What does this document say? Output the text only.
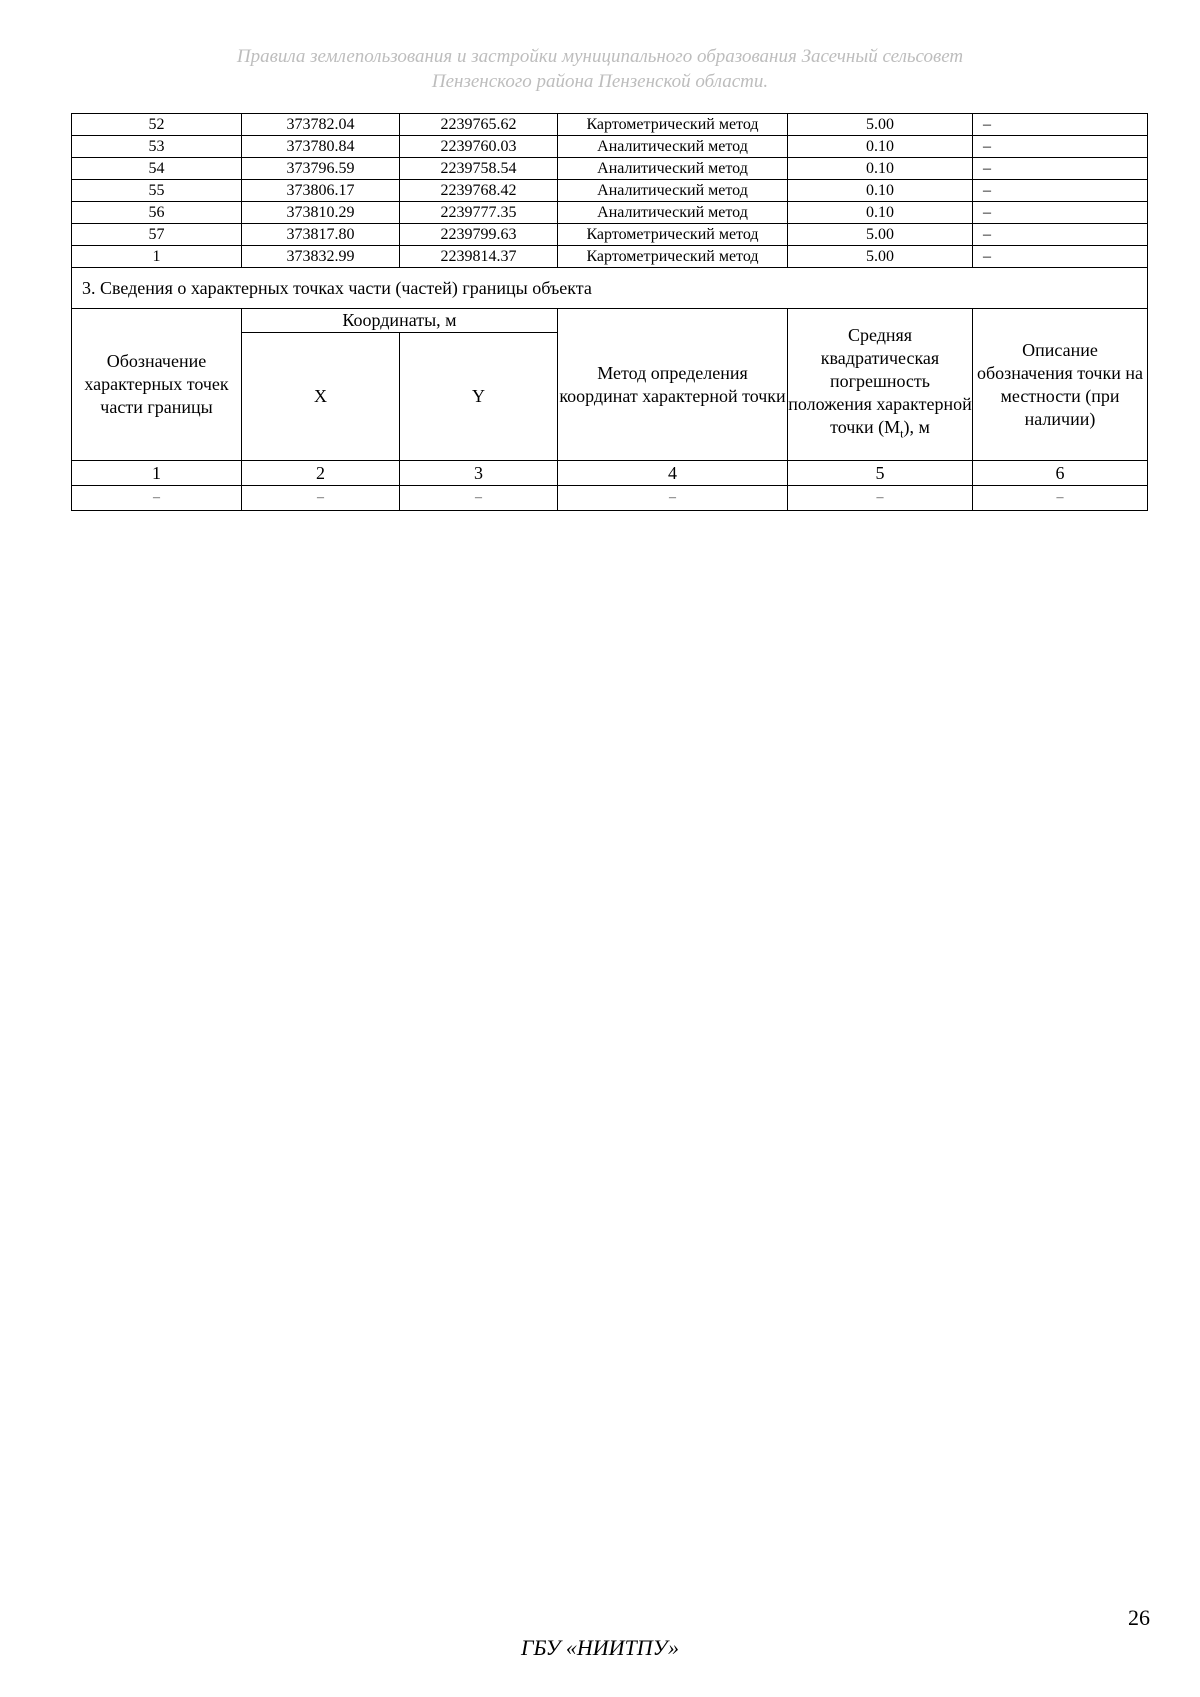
Правила землепользования и застройки муниципального образования Засечный сельсовет
Пензенского района Пензенской области.
52	373782.04	2239765.62	Картометрический метод	5.00	–
53	373780.84	2239760.03	Аналитический метод	0.10	–
54	373796.59	2239758.54	Аналитический метод	0.10	–
55	373806.17	2239768.42	Аналитический метод	0.10	–
56	373810.29	2239777.35	Аналитический метод	0.10	–
57	373817.80	2239799.63	Картометрический метод	5.00	–
1	373832.99	2239814.37	Картометрический метод	5.00	–
3. Сведения о характерных точках части (частей) границы объекта					
Обозначение характерных точек части границы	Координаты, м		Метод определения координат характерной точки	Средняя квадратическая погрешность положения характерной точки $(M_t)$, м	Описание обозначения точки на местности (при наличии)
	X	Y			
1	2	3	4	5	6
–	–	–	–	–	–
26
ГБУ «НИИТПУ»
